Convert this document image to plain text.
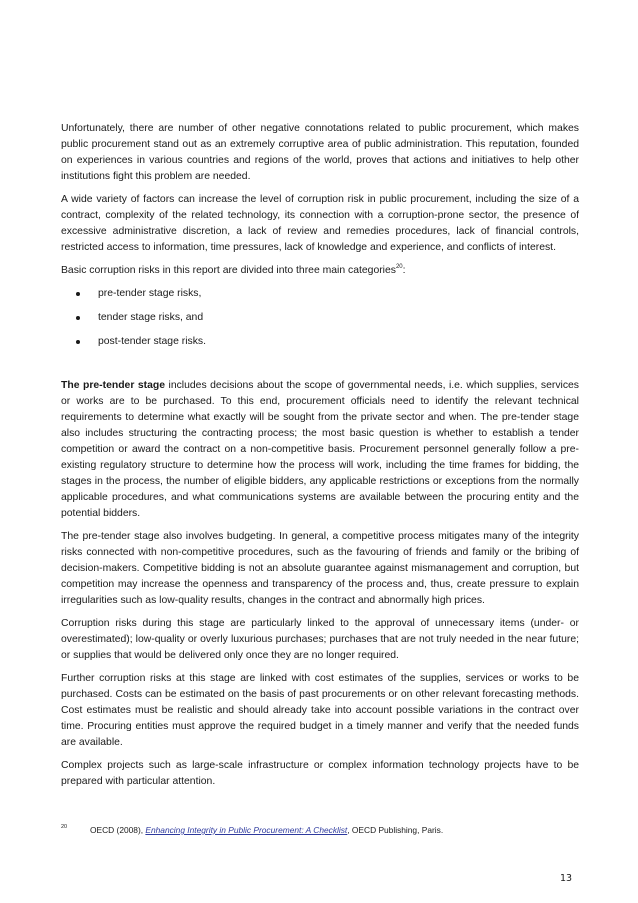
Unfortunately, there are number of other negative connotations related to public procurement, which makes public procurement stand out as an extremely corruptive area of public administration. This reputation, founded on experiences in various countries and regions of the world, proves that actions and initiatives to help other institutions fight this problem are needed.

A wide variety of factors can increase the level of corruption risk in public procurement, including the size of a contract, complexity of the related technology, its connection with a corruption-prone sector, the presence of excessive administrative discretion, a lack of review and remedies procedures, lack of financial controls, restricted access to information, time pressures, lack of knowledge and experience, and conflicts of interest.

Basic corruption risks in this report are divided into three main categories$^{20}$:

pre-tender stage risks,
tender stage risks, and
post-tender stage risks.

The pre-tender stage includes decisions about the scope of governmental needs, i.e. which supplies, services or works are to be purchased. To this end, procurement officials need to identify the relevant technical requirements to determine what exactly will be sought from the private sector and when. The pre-tender stage also includes structuring the contracting process; the most basic question is whether to establish a tender competition or award the contract on a non-competitive basis. Procurement personnel generally follow a pre-existing regulatory structure to determine how the process will work, including the time frames for bidding, the stages in the process, the number of eligible bidders, any applicable restrictions or exceptions from the normally applicable procedures, and what communications systems are available between the procuring entity and the potential bidders.

The pre-tender stage also involves budgeting. In general, a competitive process mitigates many of the integrity risks connected with non-competitive procedures, such as the favouring of friends and family or the bribing of decision-makers. Competitive bidding is not an absolute guarantee against mismanagement and corruption, but competition may increase the openness and transparency of the process and, thus, create pressure to explain irregularities such as low-quality results, changes in the contract and abnormally high prices.

Corruption risks during this stage are particularly linked to the approval of unnecessary items (under- or overestimated); low-quality or overly luxurious purchases; purchases that are not truly needed in the near future; or supplies that would be delivered only once they are no longer required.

Further corruption risks at this stage are linked with cost estimates of the supplies, services or works to be purchased. Costs can be estimated on the basis of past procurements or on other relevant forecasting methods. Cost estimates must be realistic and should already take into account possible variations in the contract over time. Procuring entities must approve the required budget in a timely manner and verify that the needed funds are available.

Complex projects such as large-scale infrastructure or complex information technology projects have to be prepared with particular attention.

20	OECD (2008), Enhancing Integrity in Public Procurement: A Checklist, OECD Publishing, Paris.
13
